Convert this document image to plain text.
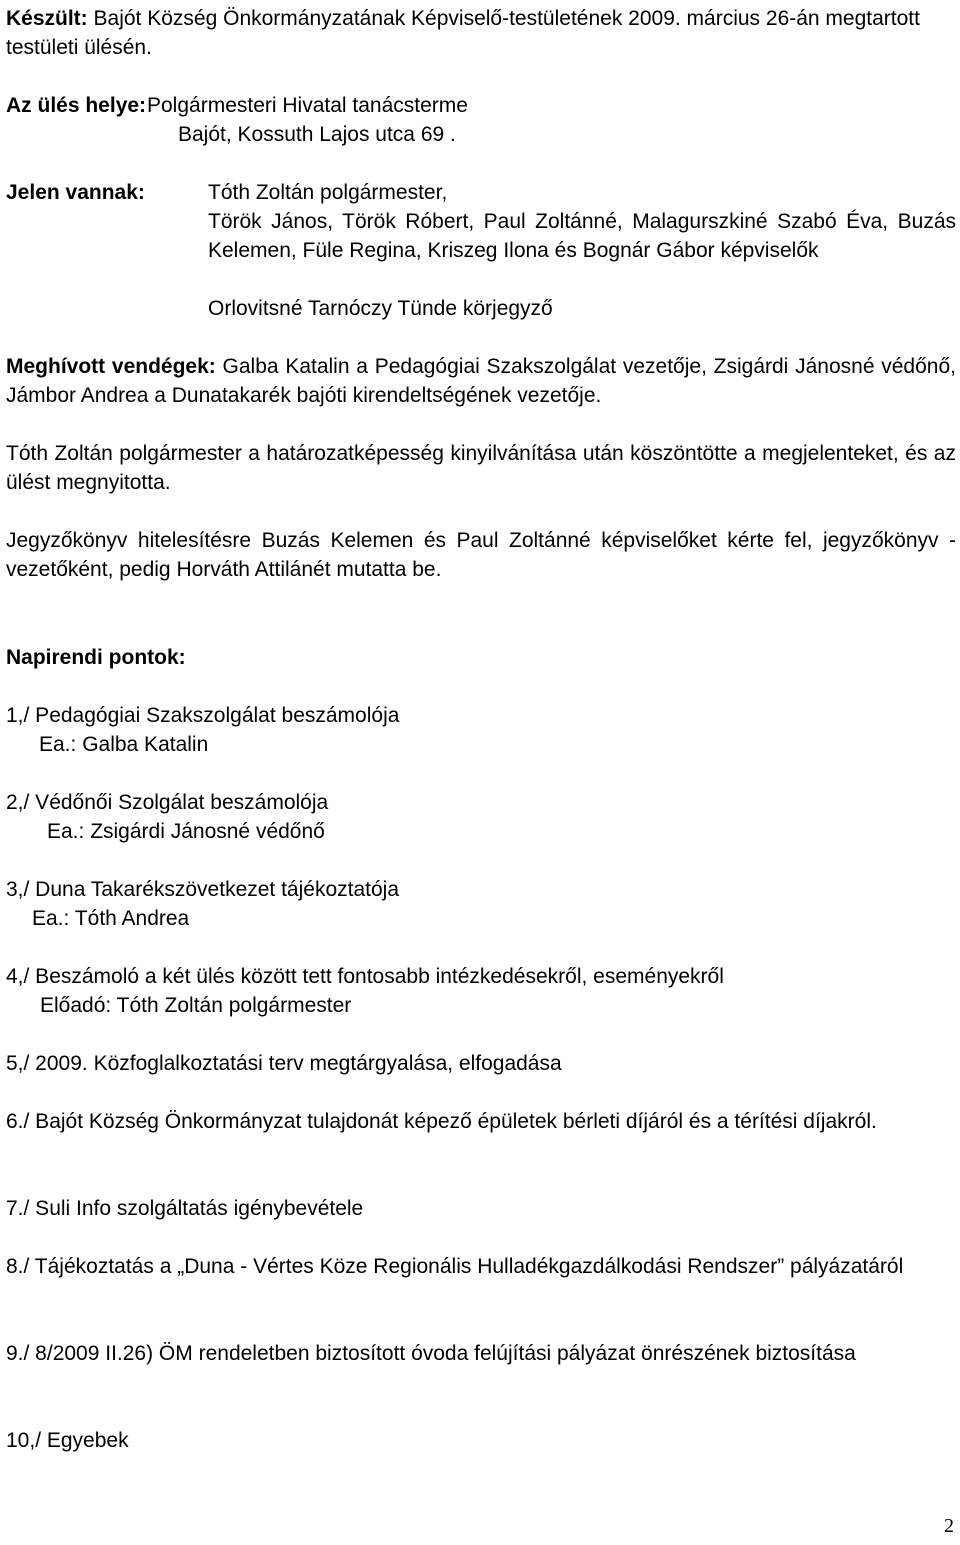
Készült: Bajót Község Önkormányzatának Képviselő-testületének 2009. március 26-án megtartott testületi ülésén.
Az ülés helye: Polgármesteri Hivatal tanácsterme
Bajót, Kossuth Lajos utca 69 .
Jelen vannak:	Tóth Zoltán polgármester,
Török János, Török Róbert, Paul Zoltánné, Malagurszkiné Szabó Éva, Buzás Kelemen, Füle Regina, Kriszeg Ilona és Bognár Gábor képviselők
Orlovitsné Tarnóczy Tünde körjegyző
Meghívott vendégek: Galba Katalin a Pedagógiai Szakszolgálat vezetője, Zsigárdi Jánosné védőnő, Jámbor Andrea a Dunatakarék bajóti kirendeltségének vezetője.
Tóth Zoltán polgármester a határozatképesség kinyilvánítása után köszöntötte a megjelenteket, és az ülést megnyitotta.
Jegyzőkönyv hitelesítésre Buzás Kelemen és Paul Zoltánné képviselőket kérte fel, jegyzőkönyv - vezetőként, pedig Horváth Attilánét mutatta be.
Napirendi pontok:
1,/ Pedagógiai Szakszolgálat beszámolója
Ea.: Galba Katalin
2,/ Védőnői Szolgálat beszámolója
Ea.: Zsigárdi Jánosné védőnő
3,/ Duna Takarékszövetkezet tájékoztatója
Ea.: Tóth Andrea
4,/ Beszámoló a két ülés között tett fontosabb intézkedésekről, eseményekről
Előadó: Tóth Zoltán polgármester
5,/ 2009. Közfoglalkoztatási terv megtárgyalása, elfogadása
6./ Bajót Község Önkormányzat tulajdonát képező épületek bérleti díjáról és a térítési díjakról.
7./ Suli Info szolgáltatás igénybevétele
8./ Tájékoztatás a „Duna - Vértes Köze Regionális Hulladékgazdálkodási Rendszer” pályázatáról
9./ 8/2009 II.26) ÖM rendeletben biztosított óvoda felújítási pályázat önrészének biztosítása
10,/ Egyebek
2
